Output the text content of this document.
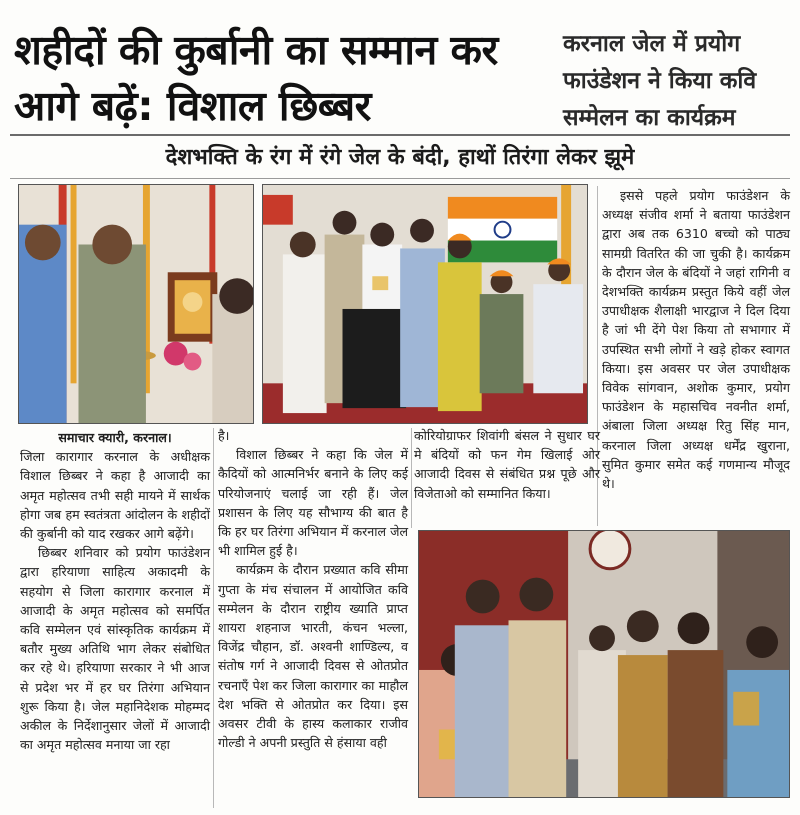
शहीदों की कुर्बानी का सम्मान कर आगे बढ़ें: विशाल छिब्बर
करनाल जेल में प्रयोग फाउंडेशन ने किया कवि सम्मेलन का कार्यक्रम
देशभक्ति के रंग में रंगे जेल के बंदी, हाथों तिरंगा लेकर झूमे
समाचार क्यारी, करनाल।

जिला कारागार करनाल के अधीक्षक विशाल छिब्बर ने कहा है आजादी का अमृत महोत्सव तभी सही मायने में सार्थक होगा जब हम स्वतंत्रता आंदोलन के शहीदों की कुर्बानी को याद रखकर आगे बढ़ेंगे।

छिब्बर शनिवार को प्रयोग फाउंडेशन द्वारा हरियाणा साहित्य अकादमी के सहयोग से जिला कारागार करनाल में आजादी के अमृत महोत्सव को समर्पित कवि सम्मेलन एवं सांस्कृतिक कार्यक्रम में बतौर मुख्य अतिथि भाग लेकर संबोधित कर रहे थे। हरियाणा सरकार ने भी आज से प्रदेश भर में हर घर तिरंगा अभियान शुरू किया है। जेल महानिदेशक मोहम्मद अकील के निर्देशानुसार जेलों में आजादी का अमृत महोत्सव मनाया जा रहा

है।

विशाल छिब्बर ने कहा कि जेल में कैदियों को आत्मनिर्भर बनाने के लिए कई परियोजनाएं चलाई जा रही हैं। जेल प्रशासन के लिए यह सौभाग्य की बात है कि हर घर तिरंगा अभियान में करनाल जेल भी शामिल हुई है।

कार्यक्रम के दौरान प्रख्यात कवि सीमा गुप्ता के मंच संचालन में आयोजित कवि सम्मेलन के दौरान राष्ट्रीय ख्याति प्राप्त शायरा शहनाज भारती, कंचन भल्ला, विजेंद्र चौहान, डॉ. अश्वनी शाण्डिल्य, व संतोष गर्ग ने आजादी दिवस से ओतप्रोत रचनाएँ पेश कर जिला कारागार का माहौल देश भक्ति से ओतप्रोत कर दिया। इस अवसर टीवी के हास्य कलाकार राजीव गोल्डी ने अपनी प्रस्तुति से हंसाया वही

कोरियोग्राफर शिवांगी बंसल ने सुधार घर मे बंदियों को फन गेम खिलाई ओर आजादी दिवस से संबंधित प्रश्न पूछे और विजेताओ को सम्मानित किया।

इससे पहले प्रयोग फाउंडेशन के अध्यक्ष संजीव शर्मा ने बताया फाउंडेशन द्वारा अब तक 6310 बच्चो को पाठ्य सामग्री वितरित की जा चुकी है। कार्यक्रम के दौरान जेल के बंदियों ने जहां रागिनी व देशभक्ति कार्यक्रम प्रस्तुत किये वहीं जेल उपाधीक्षक शैलाक्षी भारद्वाज ने दिल दिया है जां भी देंगे पेश किया तो सभागार में उपस्थित सभी लोगों ने खड़े होकर स्वागत किया। इस अवसर पर जेल उपाधीक्षक विवेक सांगवान, अशोक कुमार, प्रयोग फाउंडेशन के महासचिव नवनीत शर्मा, अंबाला जिला अध्यक्ष रितु सिंह मान, करनाल जिला अध्यक्ष धर्मेंद्र खुराना, सुमित कुमार समेत कई गणमान्य मौजूद थे।
